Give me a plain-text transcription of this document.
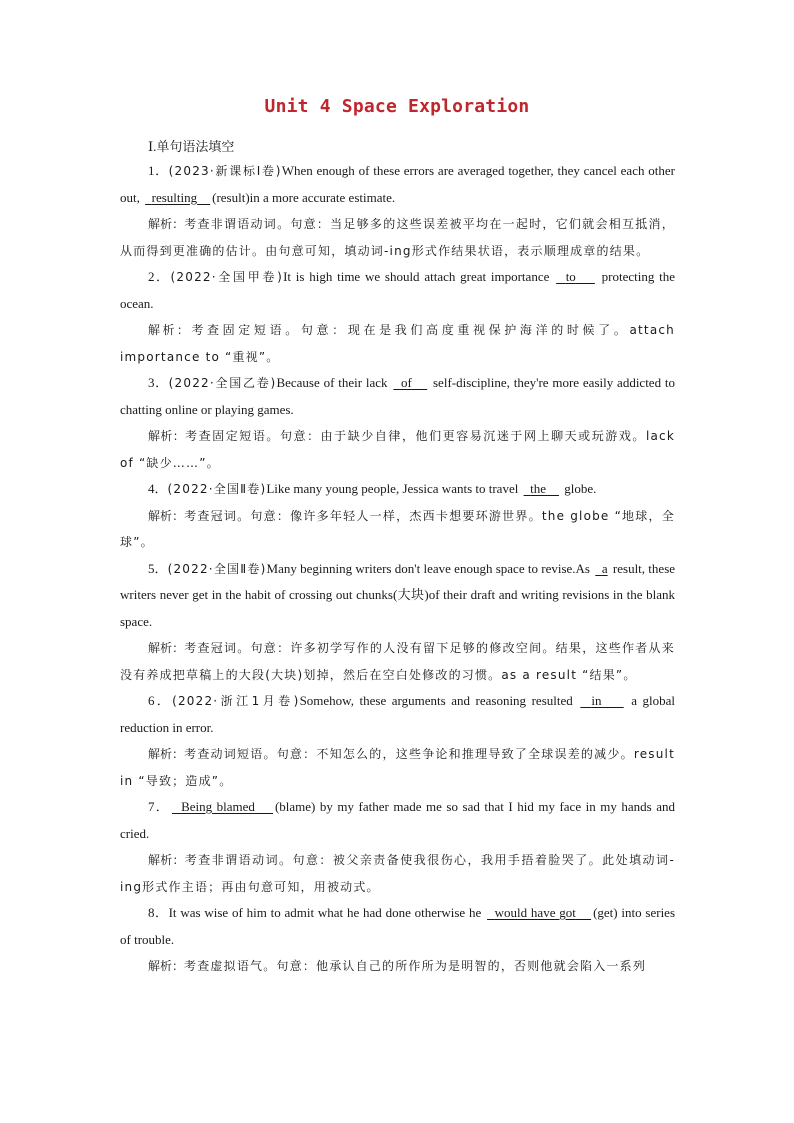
Unit 4 Space Exploration
Ⅰ.单句语法填空

1．(2023·新课标Ⅰ卷)When enough of these errors are averaged together, they cancel each other out, resulting (result)in a more accurate estimate.

解析：考查非谓语动词。句意：当足够多的这些误差被平均在一起时，它们就会相互抵消，从而得到更准确的估计。由句意可知，填动词-ing形式作结果状语，表示顺理成章的结果。

2．(2022·全国甲卷)It is high time we should attach great importance to protecting the ocean.

解析：考查固定短语。句意：现在是我们高度重视保护海洋的时候了。attach importance to “重视”。

3．(2022·全国乙卷)Because of their lack of self-discipline, they're more easily addicted to chatting online or playing games.

解析：考查固定短语。句意：由于缺少自律，他们更容易沉迷于网上聊天或玩游戏。lack of “缺少……”。

4．(2022·全国Ⅱ卷)Like many young people, Jessica wants to travel the globe.

解析：考查冠词。句意：像许多年轻人一样，杰西卡想要环游世界。the globe “地球，全球”。

5．(2022·全国Ⅱ卷)Many beginning writers don't leave enough space to revise.As a result, these writers never get in the habit of crossing out chunks(大块)of their draft and writing revisions in the blank space.

解析：考查冠词。句意：许多初学写作的人没有留下足够的修改空间。结果，这些作者从来没有养成把草稿上的大段(大块)划掉，然后在空白处修改的习惯。as a result “结果”。

6．(2022·浙江1月卷)Somehow, these arguments and reasoning resulted in a global reduction in error.

解析：考查动词短语。句意：不知怎么的，这些争论和推理导致了全球误差的减少。result in “导致；造成”。

7． Being blamed (blame) by my father made me so sad that I hid my face in my hands and cried.

解析：考查非谓语动词。句意：被父亲责备使我很伤心，我用手捂着脸哭了。此处填动词-ing形式作主语；再由句意可知，用被动式。

8．It was wise of him to admit what he had done otherwise he would have got (get) into series of trouble.

解析：考查虚拟语气。句意：他承认自己的所作所为是明智的，否则他就会陷入一系列
